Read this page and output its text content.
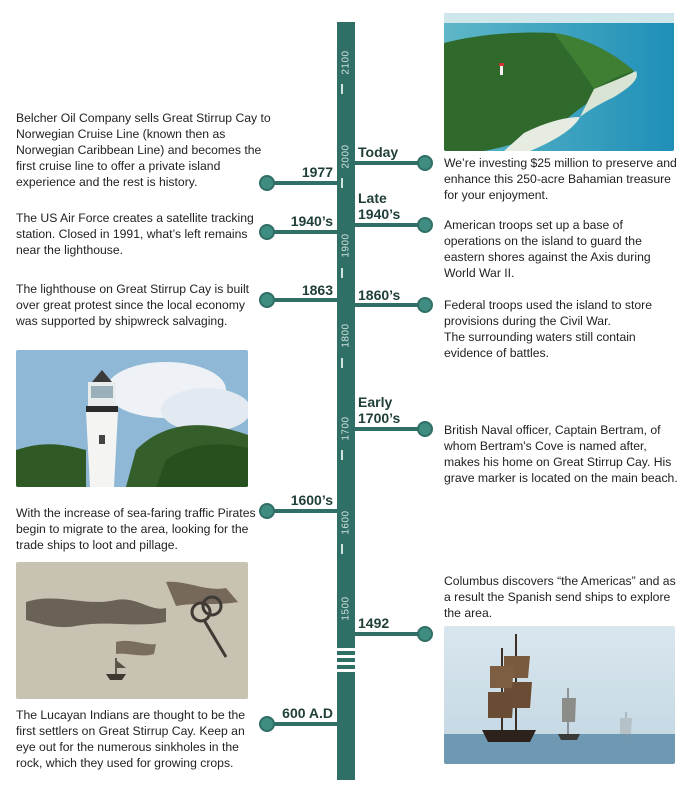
2100
2000
1900
1800
1700
1600
1500
Today
We’re investing $25 million to preserve and enhance this 250-acre Bahamian treasure for your enjoyment.
Late
1940’s
American troops set up a base of operations on the island to guard the eastern shores against the Axis during World War II.
1860’s
Federal troops used the island to store provisions during the Civil War.
The surrounding waters still contain evidence of battles.
Early
1700’s
British Naval officer, Captain Bertram, of whom Bertram's Cove is named after, makes his home on Great Stirrup Cay. His grave marker is located on the main beach.
Columbus discovers “the Americas” and as a result the Spanish send ships to explore the area.
1492
Belcher Oil Company sells Great Stirrup Cay to Norwegian Cruise Line (known then as Norwegian Caribbean Line) and becomes the first cruise line to offer a private island experience and the rest is history.
1977
The US Air Force creates a satellite tracking station. Closed in 1991, what’s left remains near the lighthouse.
1940’s
The lighthouse on Great Stirrup Cay is built over great protest since the local economy was supported by shipwreck salvaging.
1863
1600’s
With the increase of sea-faring traffic Pirates begin to migrate to the area, looking for the trade ships to loot and pillage.
600 A.D
The Lucayan Indians are thought to be the first settlers on Great Stirrup Cay. Keep an eye out for the numerous sinkholes in the rock, which they used for growing crops.
